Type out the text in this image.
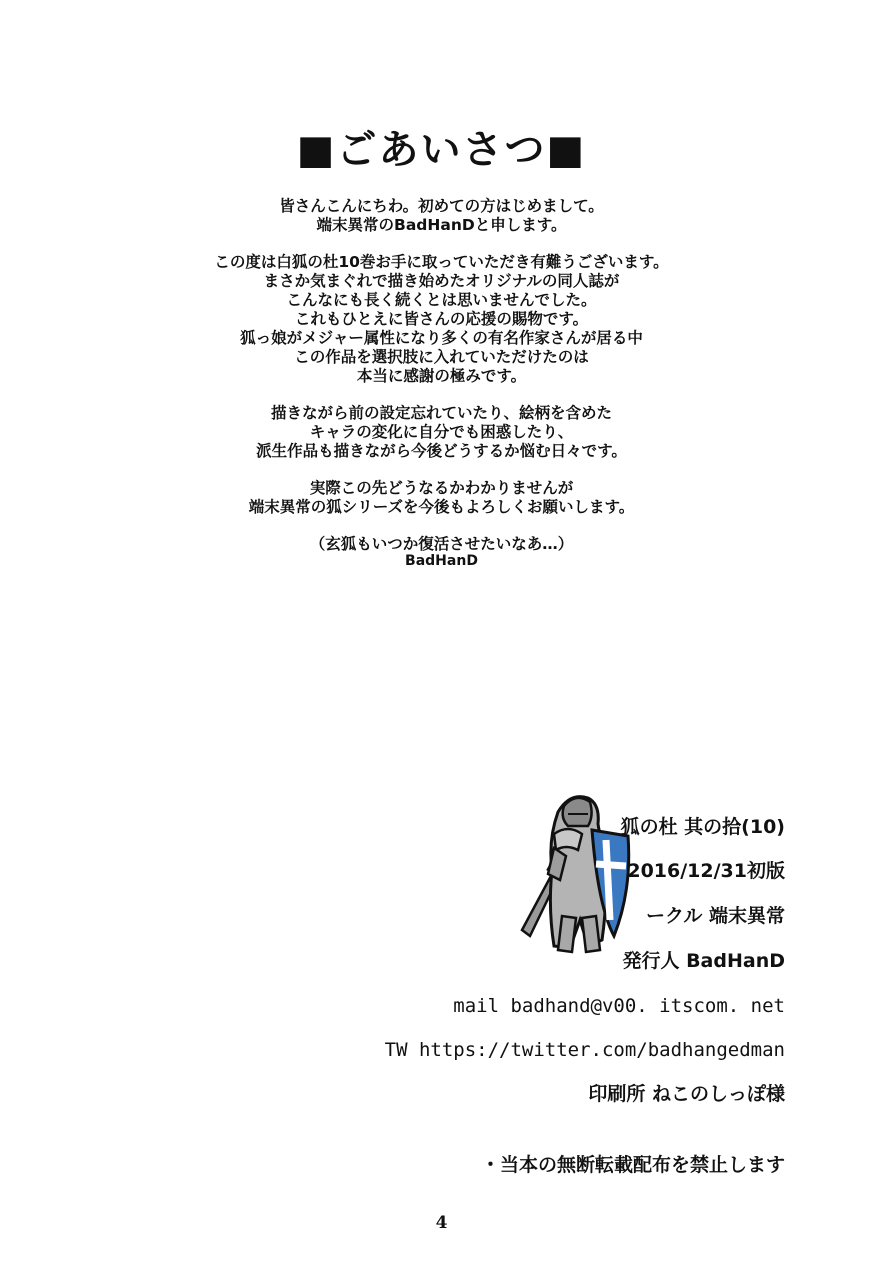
■ごあいさつ■

皆さんこんにちわ。初めての方はじめまして。
端末異常のBadHanDと申します。

この度は白狐の杜10巻お手に取っていただき有難うございます。
まさか気まぐれで描き始めたオリジナルの同人誌が
こんなにも長く続くとは思いませんでした。
これもひとえに皆さんの応援の賜物です。
狐っ娘がメジャー属性になり多くの有名作家さんが居る中
この作品を選択肢に入れていただけたのは
本当に感謝の極みです。

描きながら前の設定忘れていたり、絵柄を含めた
キャラの変化に自分でも困惑したり、
派生作品も描きながら今後どうするか悩む日々です。

実際この先どうなるかわかりませんが
端末異常の狐シリーズを今後もよろしくお願いします。

（玄狐もいつか復活させたいなあ…）

BadHanD
狐の杜 其の拾(10)
2016/12/31初版
ークル 端末異常
発行人 BadHanD
mail badhand@v00. itscom. net
TW https://twitter.com/badhangedman
印刷所 ねこのしっぽ様
・当本の無断転載配布を禁止します
4
